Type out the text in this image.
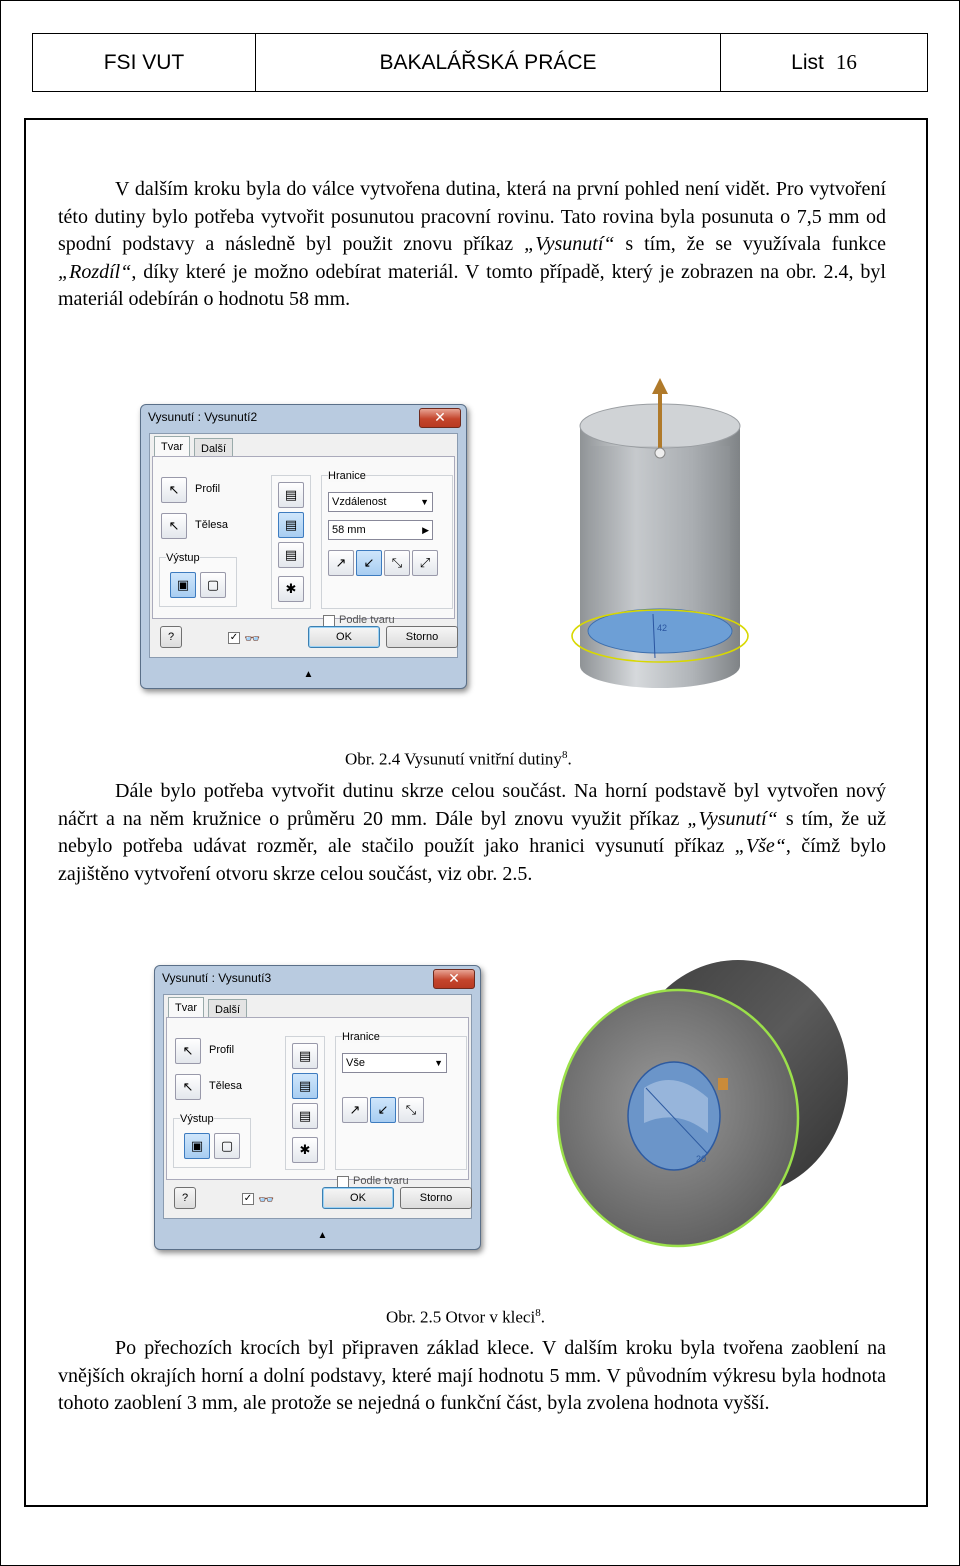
FSI VUT	BAKALÁŘSKÁ PRÁCE	List 16

V dalším kroku byla do válce vytvořena dutina, která na první pohled není vidět. Pro vytvoření této dutiny bylo potřeba vytvořit posunutou pracovní rovinu. Tato rovina byla posunuta o 7,5 mm od spodní podstavy a následně byl použit znovu příkaz „Vysunutí“ s tím, že se využívala funkce „Rozdíl“, díky které je možno odebírat materiál. V tomto případě, který je zobrazen na obr. 2.4, byl materiál odebírán o hodnotu 58 mm.

Vysunutí : Vysunutí2	✕
Tvar	Další
↖	Profil
↖	Tělesa
Výstup
▣	▢
▤
▤
▤
✱
Hranice
Vzdálenost	▼
58 mm	▶
↗	↙	⤡	⤢
Podle tvaru
?	✓ 👓	OK	Storno
▲
42
Obr. 2.4 Vysunutí vnitřní dutiny$^8$.

Dále bylo potřeba vytvořit dutinu skrze celou součást. Na horní podstavě byl vytvořen nový náčrt a na něm kružnice o průměru 20 mm. Dále byl znovu využit příkaz „Vysunutí“ s tím, že už nebylo potřeba udávat rozměr, ale stačilo použít jako hranici vysunutí příkaz „Vše“, čímž bylo zajištěno vytvoření otvoru skrze celou součást, viz obr. 2.5.

Vysunutí : Vysunutí3	✕
Tvar	Další
↖	Profil
↖	Tělesa
Výstup
▣	▢
▤
▤
▤
✱
Hranice
Vše	▼
↗	↙	⤡
Podle tvaru
?	✓ 👓	OK	Storno
▲
20
Obr. 2.5 Otvor v kleci$^8$.

Po přechozích krocích byl připraven základ klece. V dalším kroku byla tvořena zaoblení na vnějších okrajích horní a dolní podstavy, které mají hodnotu 5 mm. V původním výkresu byla hodnota tohoto zaoblení 3 mm, ale protože se nejedná o funkční část, byla zvolena hodnota vyšší.
